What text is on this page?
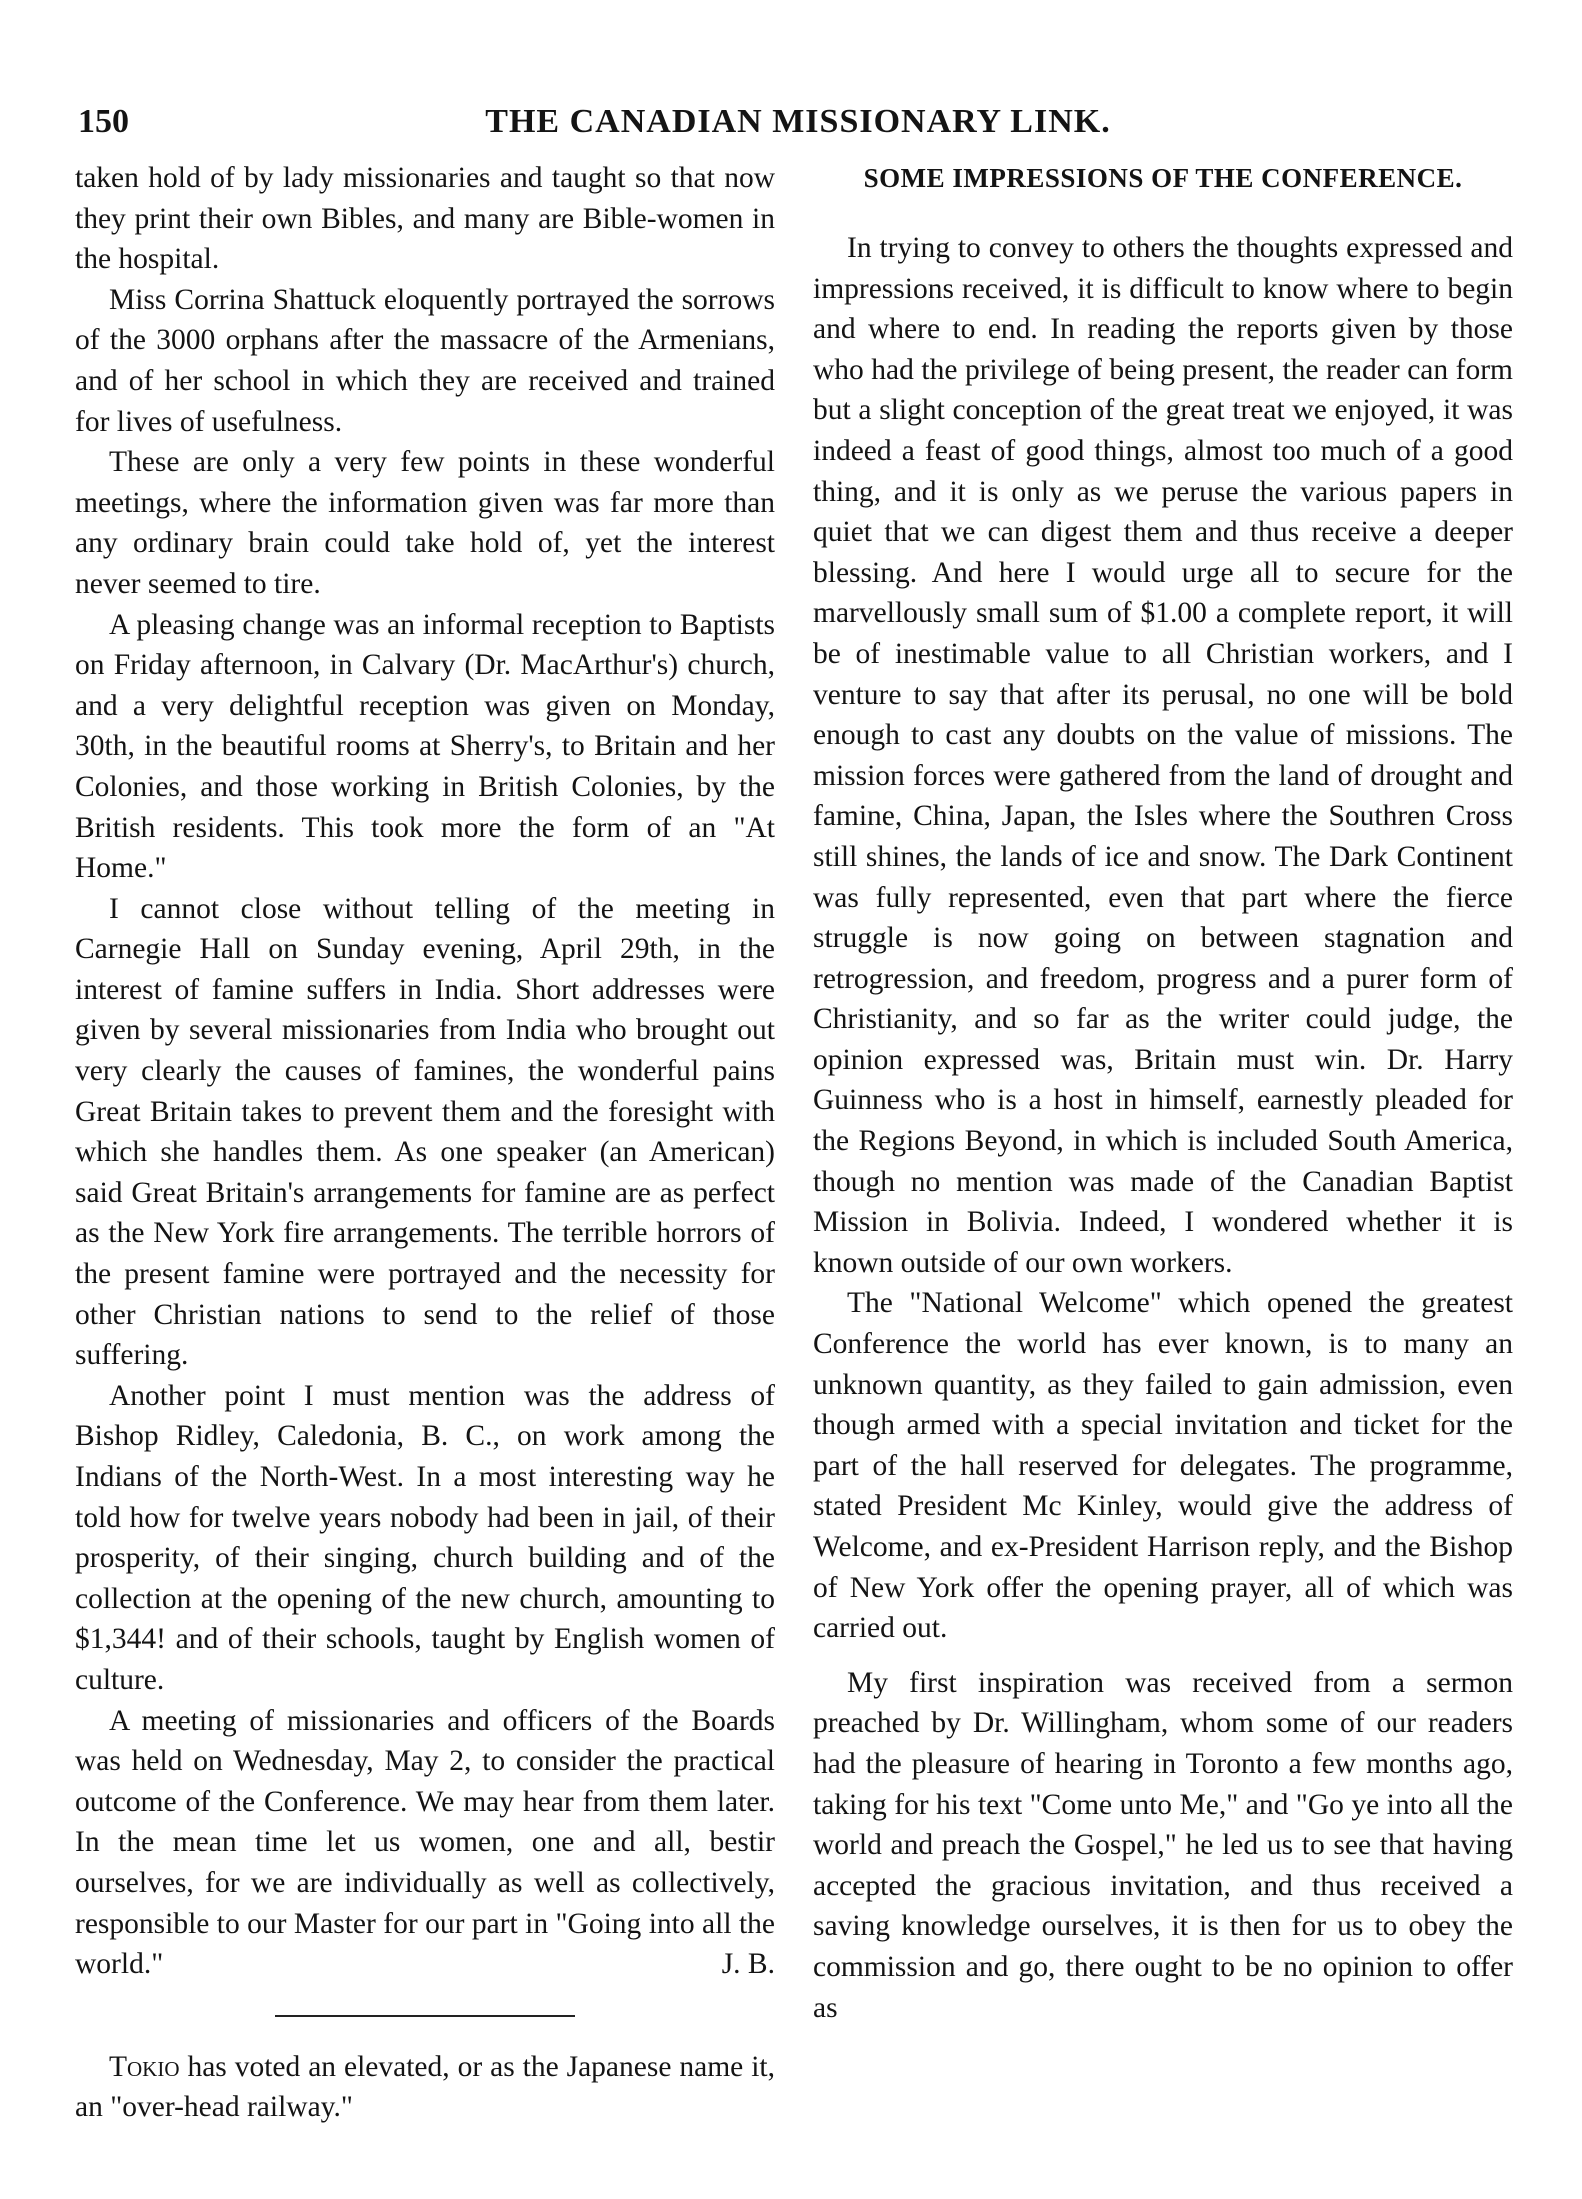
150	THE CANADIAN MISSIONARY LINK.

taken hold of by lady missionaries and taught so that now they print their own Bibles, and many are Bible-women in the hospital.

Miss Corrina Shattuck eloquently portrayed the sorrows of the 3000 orphans after the massacre of the Armenians, and of her school in which they are received and trained for lives of usefulness.

These are only a very few points in these wonderful meetings, where the information given was far more than any ordinary brain could take hold of, yet the interest never seemed to tire.

A pleasing change was an informal reception to Baptists on Friday afternoon, in Calvary (Dr. MacArthur's) church, and a very delightful reception was given on Monday, 30th, in the beautiful rooms at Sherry's, to Britain and her Colonies, and those working in British Colonies, by the British residents. This took more the form of an "At Home."

I cannot close without telling of the meeting in Carnegie Hall on Sunday evening, April 29th, in the interest of famine suffers in India. Short addresses were given by several missionaries from India who brought out very clearly the causes of famines, the wonderful pains Great Britain takes to prevent them and the foresight with which she handles them. As one speaker (an American) said Great Britain's arrangements for famine are as perfect as the New York fire arrangements. The terrible horrors of the present famine were portrayed and the necessity for other Christian nations to send to the relief of those suffering.

Another point I must mention was the address of Bishop Ridley, Caledonia, B. C., on work among the Indians of the North-West. In a most interesting way he told how for twelve years nobody had been in jail, of their prosperity, of their singing, church building and of the collection at the opening of the new church, amounting to $1,344! and of their schools, taught by English women of culture.

A meeting of missionaries and officers of the Boards was held on Wednesday, May 2, to consider the practical outcome of the Conference. We may hear from them later. In the mean time let us women, one and all, bestir ourselves, for we are individually as well as collectively, responsible to our Master for our part in "Going into all the world."	J. B.

Tokio has voted an elevated, or as the Japanese name it, an "over-head railway."

SOME IMPRESSIONS OF THE CONFERENCE.

In trying to convey to others the thoughts expressed and impressions received, it is difficult to know where to begin and where to end. In reading the reports given by those who had the privilege of being present, the reader can form but a slight conception of the great treat we enjoyed, it was indeed a feast of good things, almost too much of a good thing, and it is only as we peruse the various papers in quiet that we can digest them and thus receive a deeper blessing. And here I would urge all to secure for the marvellously small sum of $1.00 a complete report, it will be of inestimable value to all Christian workers, and I venture to say that after its perusal, no one will be bold enough to cast any doubts on the value of missions. The mission forces were gathered from the land of drought and famine, China, Japan, the Isles where the Southren Cross still shines, the lands of ice and snow. The Dark Continent was fully represented, even that part where the fierce struggle is now going on between stagnation and retrogression, and freedom, progress and a purer form of Christianity, and so far as the writer could judge, the opinion expressed was, Britain must win. Dr. Harry Guinness who is a host in himself, earnestly pleaded for the Regions Beyond, in which is included South America, though no mention was made of the Canadian Baptist Mission in Bolivia. Indeed, I wondered whether it is known outside of our own workers.

The "National Welcome" which opened the greatest Conference the world has ever known, is to many an unknown quantity, as they failed to gain admission, even though armed with a special invitation and ticket for the part of the hall reserved for delegates. The programme, stated President Mc Kinley, would give the address of Welcome, and ex-President Harrison reply, and the Bishop of New York offer the opening prayer, all of which was carried out.

My first inspiration was received from a sermon preached by Dr. Willingham, whom some of our readers had the pleasure of hearing in Toronto a few months ago, taking for his text "Come unto Me," and "Go ye into all the world and preach the Gospel," he led us to see that having accepted the gracious invitation, and thus received a saving knowledge ourselves, it is then for us to obey the commission and go, there ought to be no opinion to offer as
